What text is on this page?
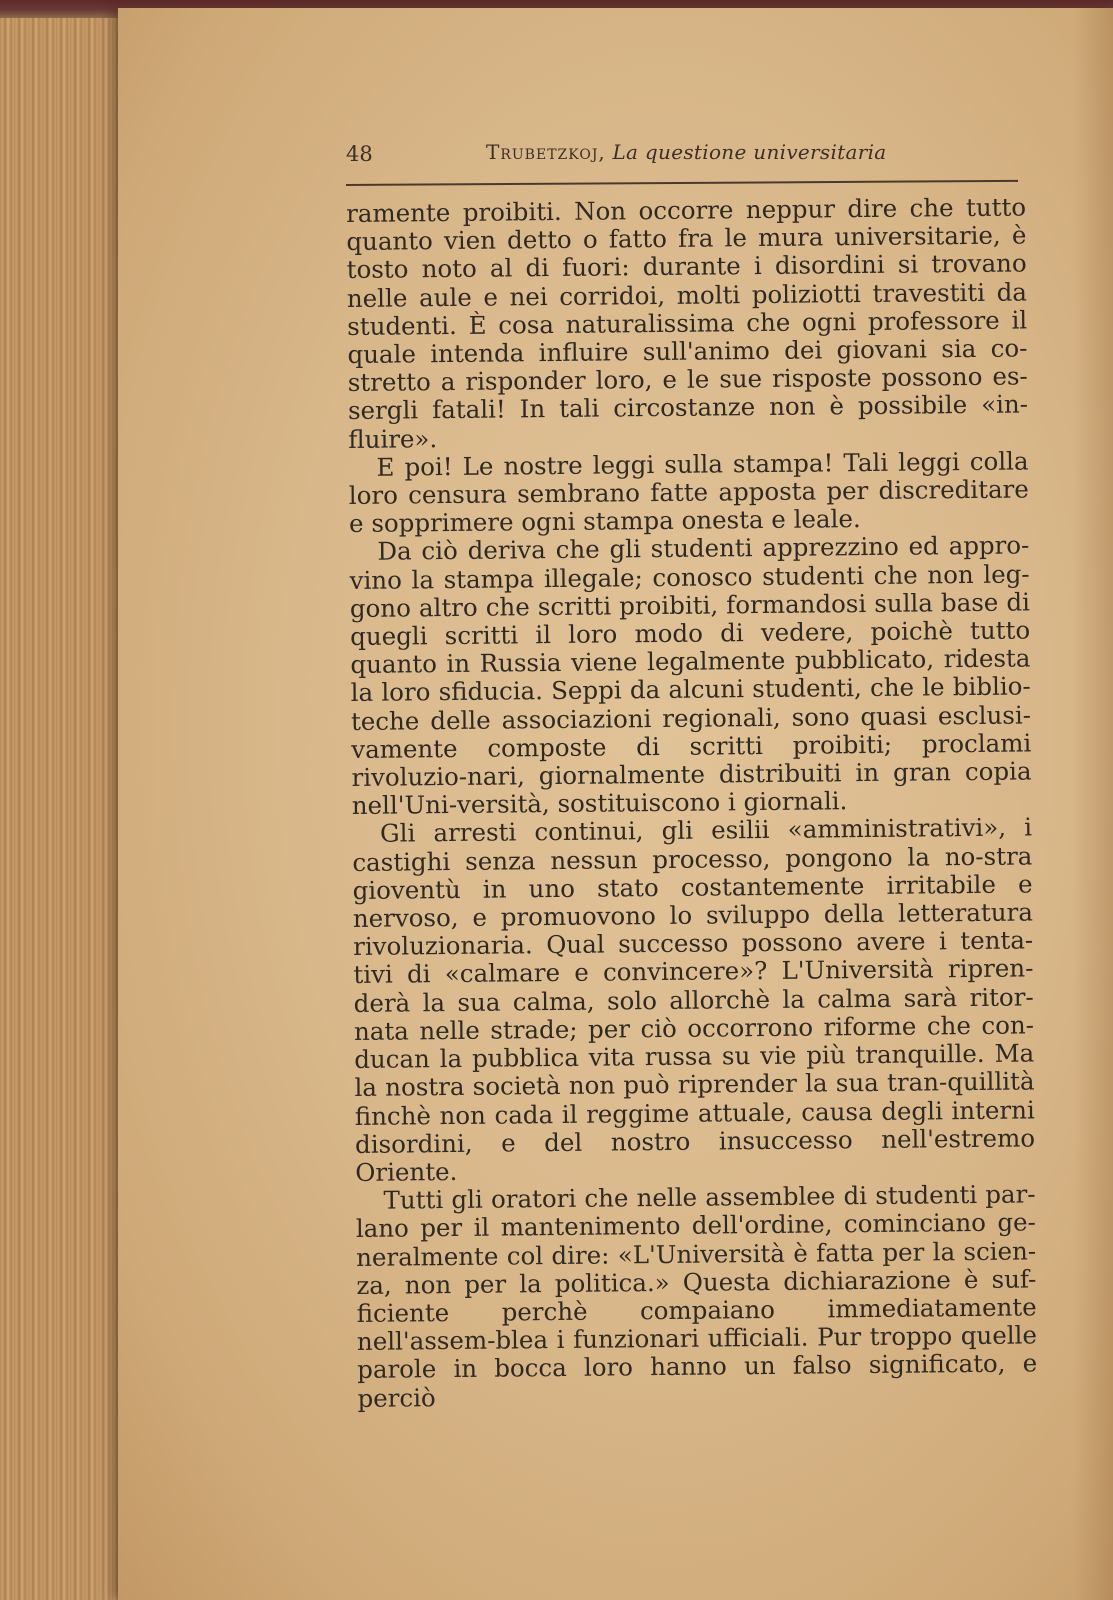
48	Trubetzkoj, La questione universitaria

ramente proibiti. Non occorre neppur dire che tutto quanto vien detto o fatto fra le mura universitarie, è tosto noto al di fuori: durante i disordini si trovano nelle aule e nei corridoi, molti poliziotti travestiti da studenti. È cosa naturalissima che ogni professore il quale intenda influire sull'animo dei giovani sia co-stretto a risponder loro, e le sue risposte possono es-sergli fatali! In tali circostanze non è possibile «in-fluire».

E poi! Le nostre leggi sulla stampa! Tali leggi colla loro censura sembrano fatte apposta per discreditare e sopprimere ogni stampa onesta e leale.

Da ciò deriva che gli studenti apprezzino ed appro-vino la stampa illegale; conosco studenti che non leg-gono altro che scritti proibiti, formandosi sulla base di quegli scritti il loro modo di vedere, poichè tutto quanto in Russia viene legalmente pubblicato, ridesta la loro sfiducia. Seppi da alcuni studenti, che le biblio-teche delle associazioni regionali, sono quasi esclusi-vamente composte di scritti proibiti; proclami rivoluzio-nari, giornalmente distribuiti in gran copia nell'Uni-versità, sostituiscono i giornali.

Gli arresti continui, gli esilii «amministrativi», i castighi senza nessun processo, pongono la no-stra gioventù in uno stato costantemente irritabile e nervoso, e promuovono lo sviluppo della letteratura rivoluzionaria. Qual successo possono avere i tenta-tivi di «calmare e convincere»? L'Università ripren-derà la sua calma, solo allorchè la calma sarà ritor-nata nelle strade; per ciò occorrono riforme che con-ducan la pubblica vita russa su vie più tranquille. Ma la nostra società non può riprender la sua tran-quillità finchè non cada il reggime attuale, causa degli interni disordini, e del nostro insuccesso nell'estremo Oriente.

Tutti gli oratori che nelle assemblee di studenti par-lano per il mantenimento dell'ordine, cominciano ge-neralmente col dire: «L'Università è fatta per la scien-za, non per la politica.» Questa dichiarazione è suf-ficiente perchè compaiano immediatamente nell'assem-blea i funzionari ufficiali. Pur troppo quelle parole in bocca loro hanno un falso significato, e perciò
